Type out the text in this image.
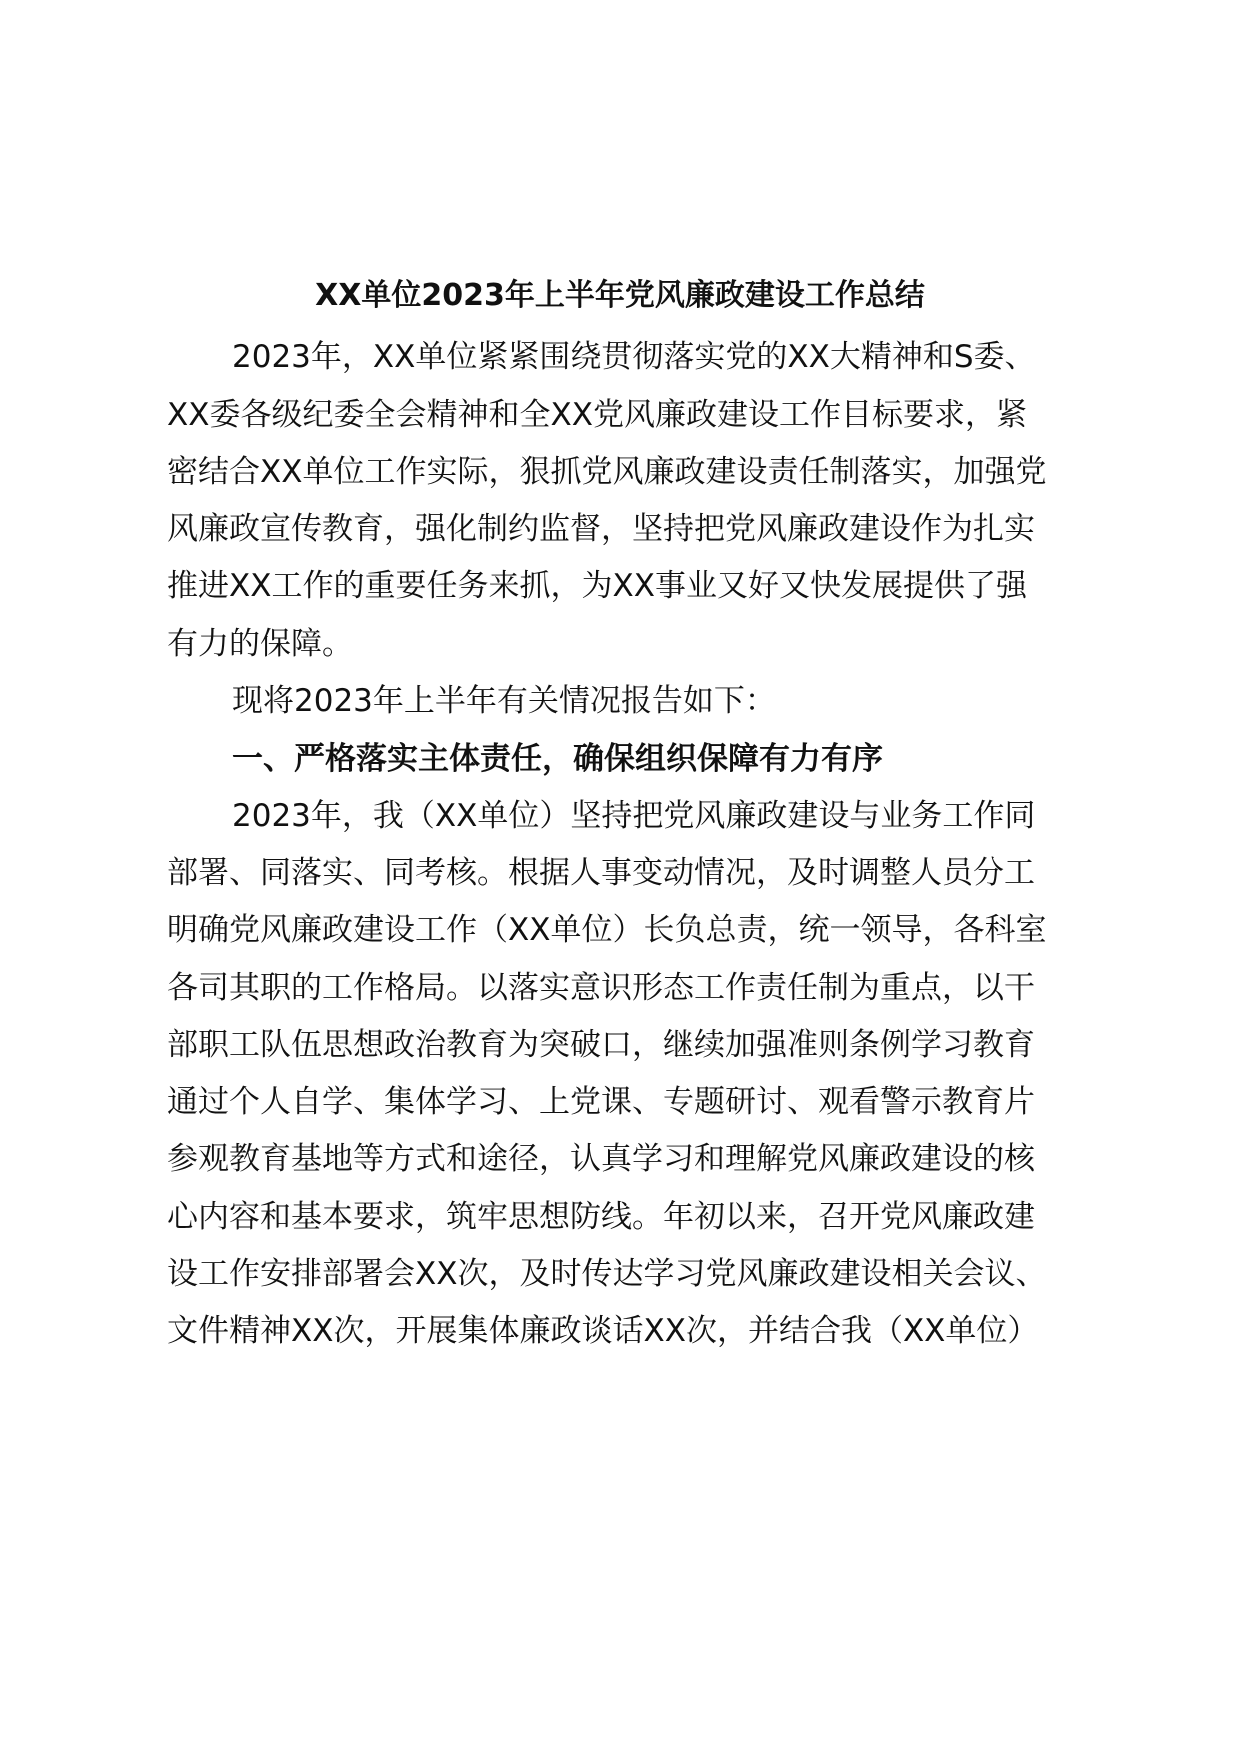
XX单位2023年上半年党风廉政建设工作总结
2023年，XX单位紧紧围绕贯彻落实党的XX大精神和S委、
XX委各级纪委全会精神和全XX党风廉政建设工作目标要求，紧
密结合XX单位工作实际，狠抓党风廉政建设责任制落实，加强党
风廉政宣传教育，强化制约监督，坚持把党风廉政建设作为扎实
推进XX工作的重要任务来抓，为XX事业又好又快发展提供了强
有力的保障。
现将2023年上半年有关情况报告如下：
一、严格落实主体责任，确保组织保障有力有序
2023年，我（XX单位）坚持把党风廉政建设与业务工作同
部署、同落实、同考核。根据人事变动情况，及时调整人员分工
明确党风廉政建设工作（XX单位）长负总责，统一领导，各科室
各司其职的工作格局。以落实意识形态工作责任制为重点，以干
部职工队伍思想政治教育为突破口，继续加强准则条例学习教育
通过个人自学、集体学习、上党课、专题研讨、观看警示教育片
参观教育基地等方式和途径，认真学习和理解党风廉政建设的核
心内容和基本要求，筑牢思想防线。年初以来，召开党风廉政建
设工作安排部署会XX次，及时传达学习党风廉政建设相关会议、
文件精神XX次，开展集体廉政谈话XX次，并结合我（XX单位）
